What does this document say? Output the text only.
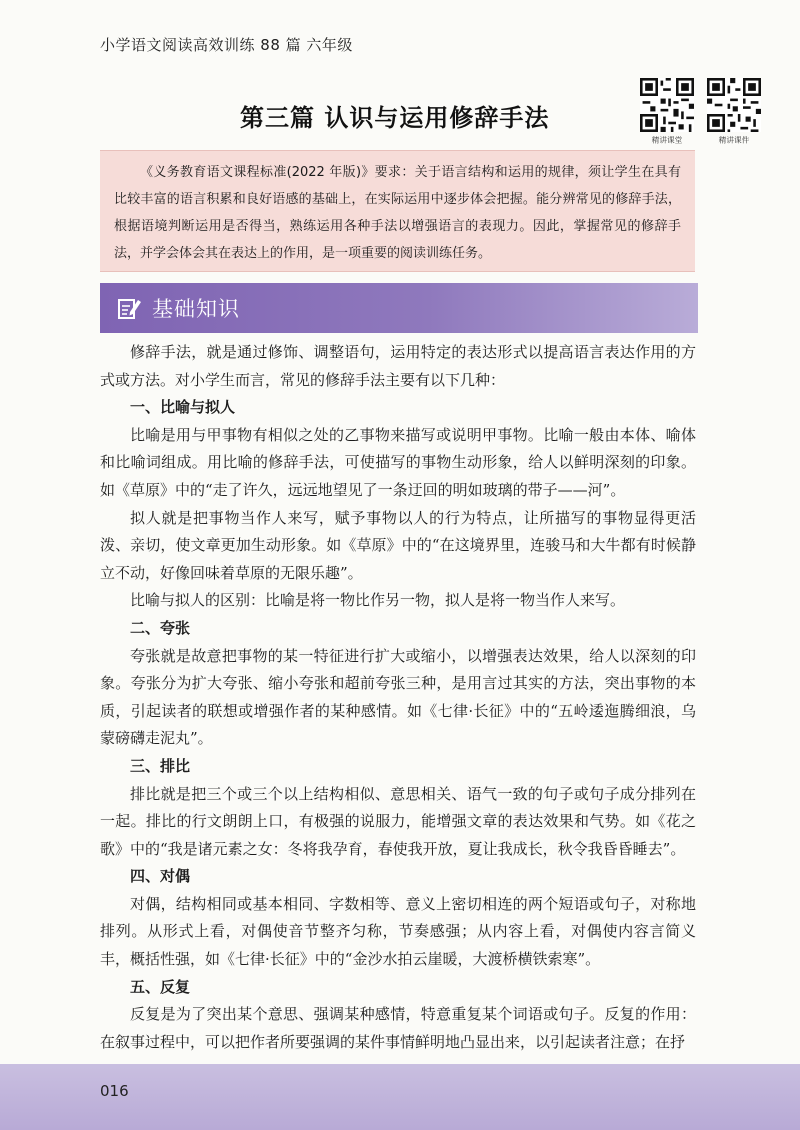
小学语文阅读高效训练 88 篇 六年级
第三篇 认识与运用修辞手法
精讲课堂	精讲课件

《义务教育语文课程标准(2022 年版)》要求：关于语言结构和运用的规律，须让学生在具有比较丰富的语言积累和良好语感的基础上，在实际运用中逐步体会把握。能分辨常见的修辞手法，根据语境判断运用是否得当，熟练运用各种手法以增强语言的表现力。因此，掌握常见的修辞手法，并学会体会其在表达上的作用，是一项重要的阅读训练任务。

基础知识

修辞手法，就是通过修饰、调整语句，运用特定的表达形式以提高语言表达作用的方式或方法。对小学生而言，常见的修辞手法主要有以下几种：

一、比喻与拟人

比喻是用与甲事物有相似之处的乙事物来描写或说明甲事物。比喻一般由本体、喻体和比喻词组成。用比喻的修辞手法，可使描写的事物生动形象，给人以鲜明深刻的印象。如《草原》中的“走了许久，远远地望见了一条迂回的明如玻璃的带子——河”。

拟人就是把事物当作人来写，赋予事物以人的行为特点，让所描写的事物显得更活泼、亲切，使文章更加生动形象。如《草原》中的“在这境界里，连骏马和大牛都有时候静立不动，好像回味着草原的无限乐趣”。

比喻与拟人的区别：比喻是将一物比作另一物，拟人是将一物当作人来写。

二、夸张

夸张就是故意把事物的某一特征进行扩大或缩小，以增强表达效果，给人以深刻的印象。夸张分为扩大夸张、缩小夸张和超前夸张三种，是用言过其实的方法，突出事物的本质，引起读者的联想或增强作者的某种感情。如《七律·长征》中的“五岭逶迤腾细浪，乌蒙磅礴走泥丸”。

三、排比

排比就是把三个或三个以上结构相似、意思相关、语气一致的句子或句子成分排列在一起。排比的行文朗朗上口，有极强的说服力，能增强文章的表达效果和气势。如《花之歌》中的“我是诸元素之女：冬将我孕育，春使我开放，夏让我成长，秋令我昏昏睡去”。

四、对偶

对偶，结构相同或基本相同、字数相等、意义上密切相连的两个短语或句子，对称地排列。从形式上看，对偶使音节整齐匀称，节奏感强；从内容上看，对偶使内容言简义丰，概括性强，如《七律·长征》中的“金沙水拍云崖暖，大渡桥横铁索寒”。

五、反复

反复是为了突出某个意思、强调某种感情，特意重复某个词语或句子。反复的作用：在叙事过程中，可以把作者所要强调的某件事情鲜明地凸显出来，以引起读者注意；在抒

016
